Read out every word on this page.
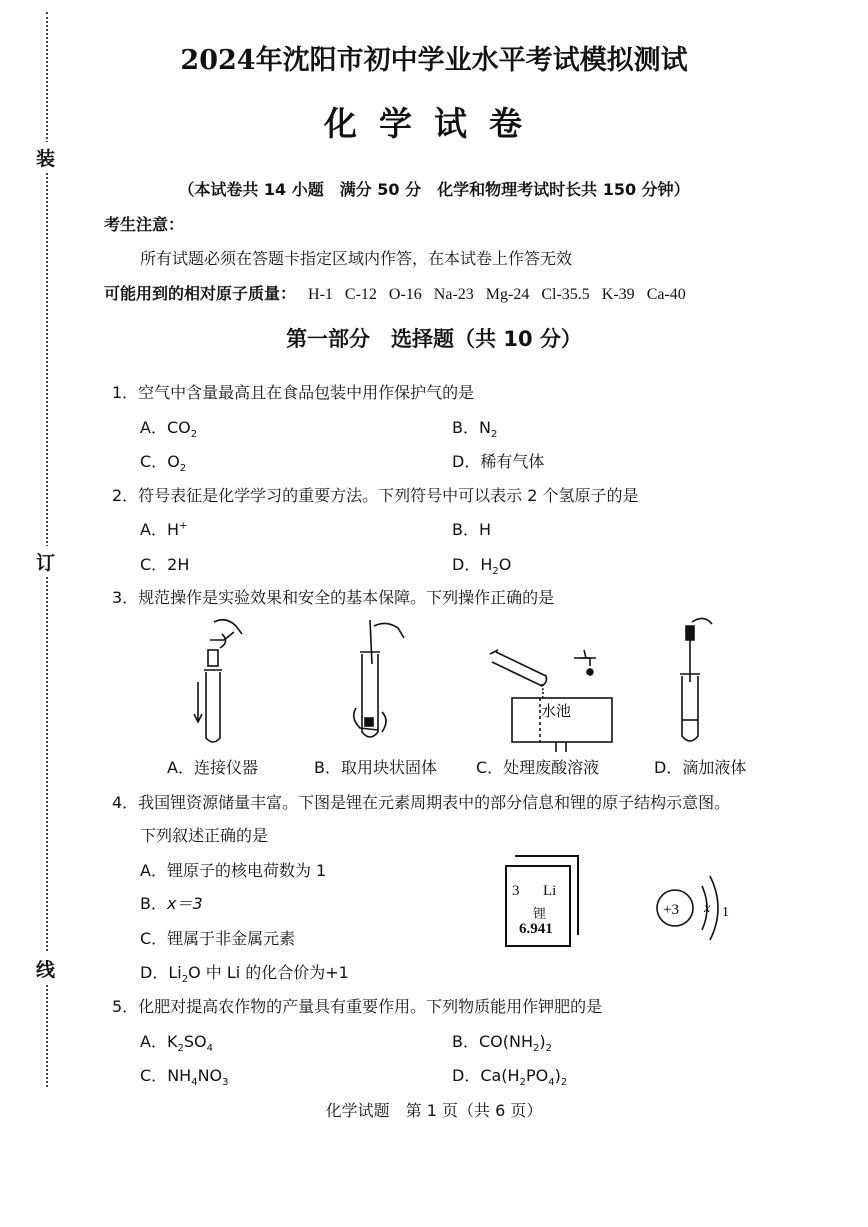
装
订
线
2024年沈阳市初中学业水平考试模拟测试
化学试卷
（本试卷共 14 小题　满分 50 分　化学和物理考试时长共 150 分钟）
考生注意：
所有试题必须在答题卡指定区域内作答，在本试卷上作答无效
可能用到的相对原子质量： H-1 C-12 O-16 Na-23 Mg-24 Cl-35.5 K-39 Ca-40
第一部分　选择题（共 10 分）
1．空气中含量最高且在食品包装中用作保护气的是
A．$CO_2$	B．$N_2$
C．$O_2$	D．稀有气体
2．符号表征是化学学习的重要方法。下列符号中可以表示 2 个氢原子的是
A．H+	B．H
C．2H	D．$H_2O$
3．规范操作是实验效果和安全的基本保障。下列操作正确的是
水池
A．连接仪器	B．取用块状固体 C．处理废酸溶液	D．滴加液体
4．我国锂资源储量丰富。下图是锂在元素周期表中的部分信息和锂的原子结构示意图。
下列叙述正确的是
A．锂原子的核电荷数为 1
B．x＝3
C．锂属于非金属元素
D．$Li_2O$ 中 Li 的化合价为+1
3 Li
锂
6.941
+3 x 1
5．化肥对提高农作物的产量具有重要作用。下列物质能用作钾肥的是
A．$K_2SO_4$	B．$CO(NH_2)_2$
C．$NH_4NO_3$	D．$Ca(H_2PO_4)_2$
化学试题　第 1 页（共 6 页）
